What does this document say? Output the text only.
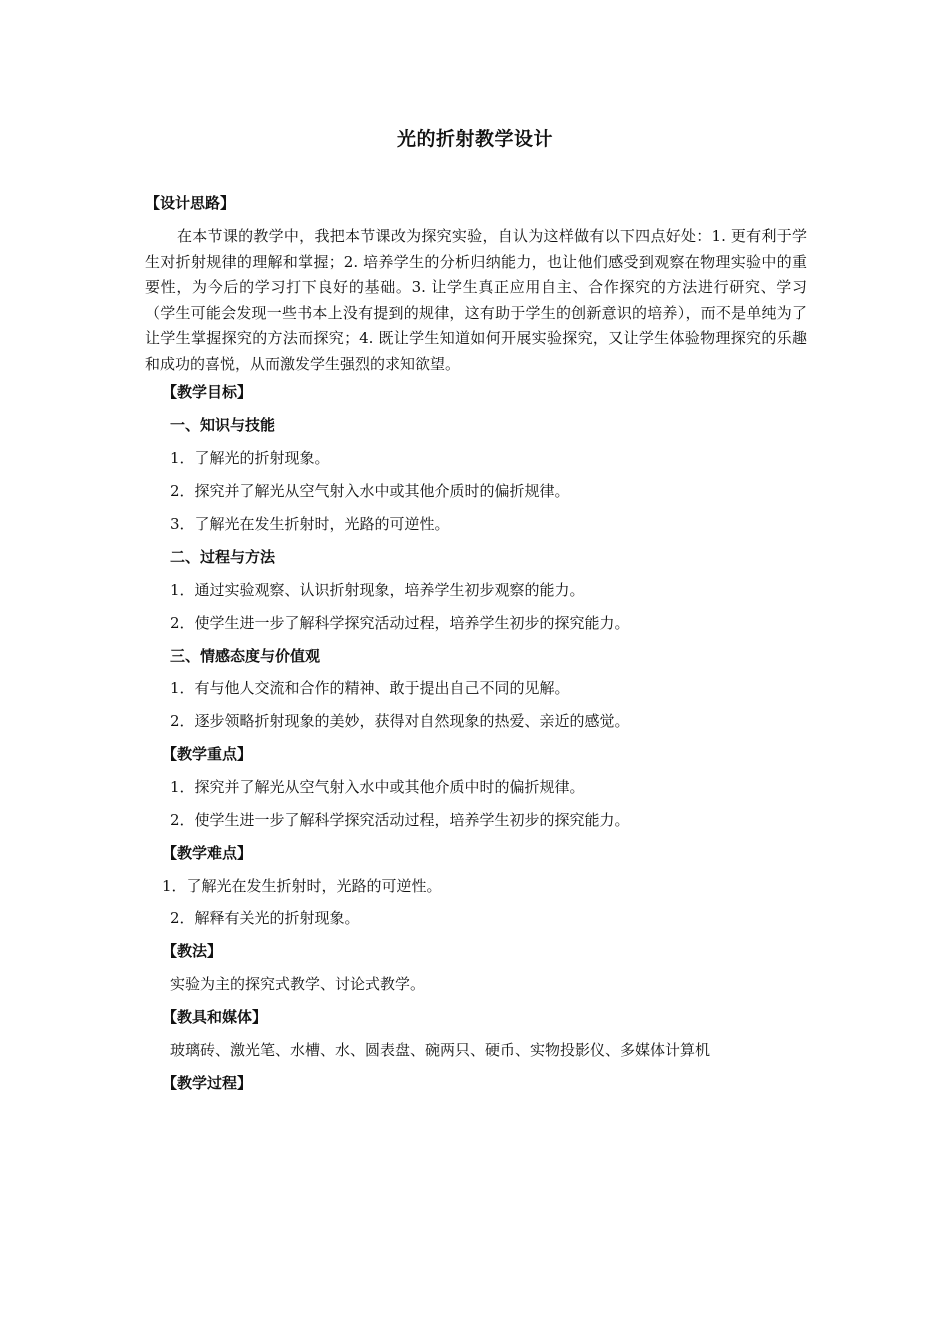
光的折射教学设计
【设计思路】
在本节课的教学中，我把本节课改为探究实验，自认为这样做有以下四点好处：1. 更有利于学生对折射规律的理解和掌握；2. 培养学生的分析归纳能力，也让他们感受到观察在物理实验中的重要性，为今后的学习打下良好的基础。3. 让学生真正应用自主、合作探究的方法进行研究、学习（学生可能会发现一些书本上没有提到的规律，这有助于学生的创新意识的培养），而不是单纯为了让学生掌握探究的方法而探究；4. 既让学生知道如何开展实验探究，又让学生体验物理探究的乐趣和成功的喜悦，从而激发学生强烈的求知欲望。
【教学目标】
一、知识与技能
1．了解光的折射现象。
2．探究并了解光从空气射入水中或其他介质时的偏折规律。
3．了解光在发生折射时，光路的可逆性。
二、过程与方法
1．通过实验观察、认识折射现象，培养学生初步观察的能力。
2．使学生进一步了解科学探究活动过程，培养学生初步的探究能力。
三、情感态度与价值观
1．有与他人交流和合作的精神、敢于提出自己不同的见解。
2．逐步领略折射现象的美妙，获得对自然现象的热爱、亲近的感觉。
【教学重点】
1．探究并了解光从空气射入水中或其他介质中时的偏折规律。
2．使学生进一步了解科学探究活动过程，培养学生初步的探究能力。
【教学难点】
1．了解光在发生折射时，光路的可逆性。
2．解释有关光的折射现象。
【教法】
实验为主的探究式教学、讨论式教学。
【教具和媒体】
玻璃砖、激光笔、水槽、水、圆表盘、碗两只、硬币、实物投影仪、多媒体计算机
【教学过程】
